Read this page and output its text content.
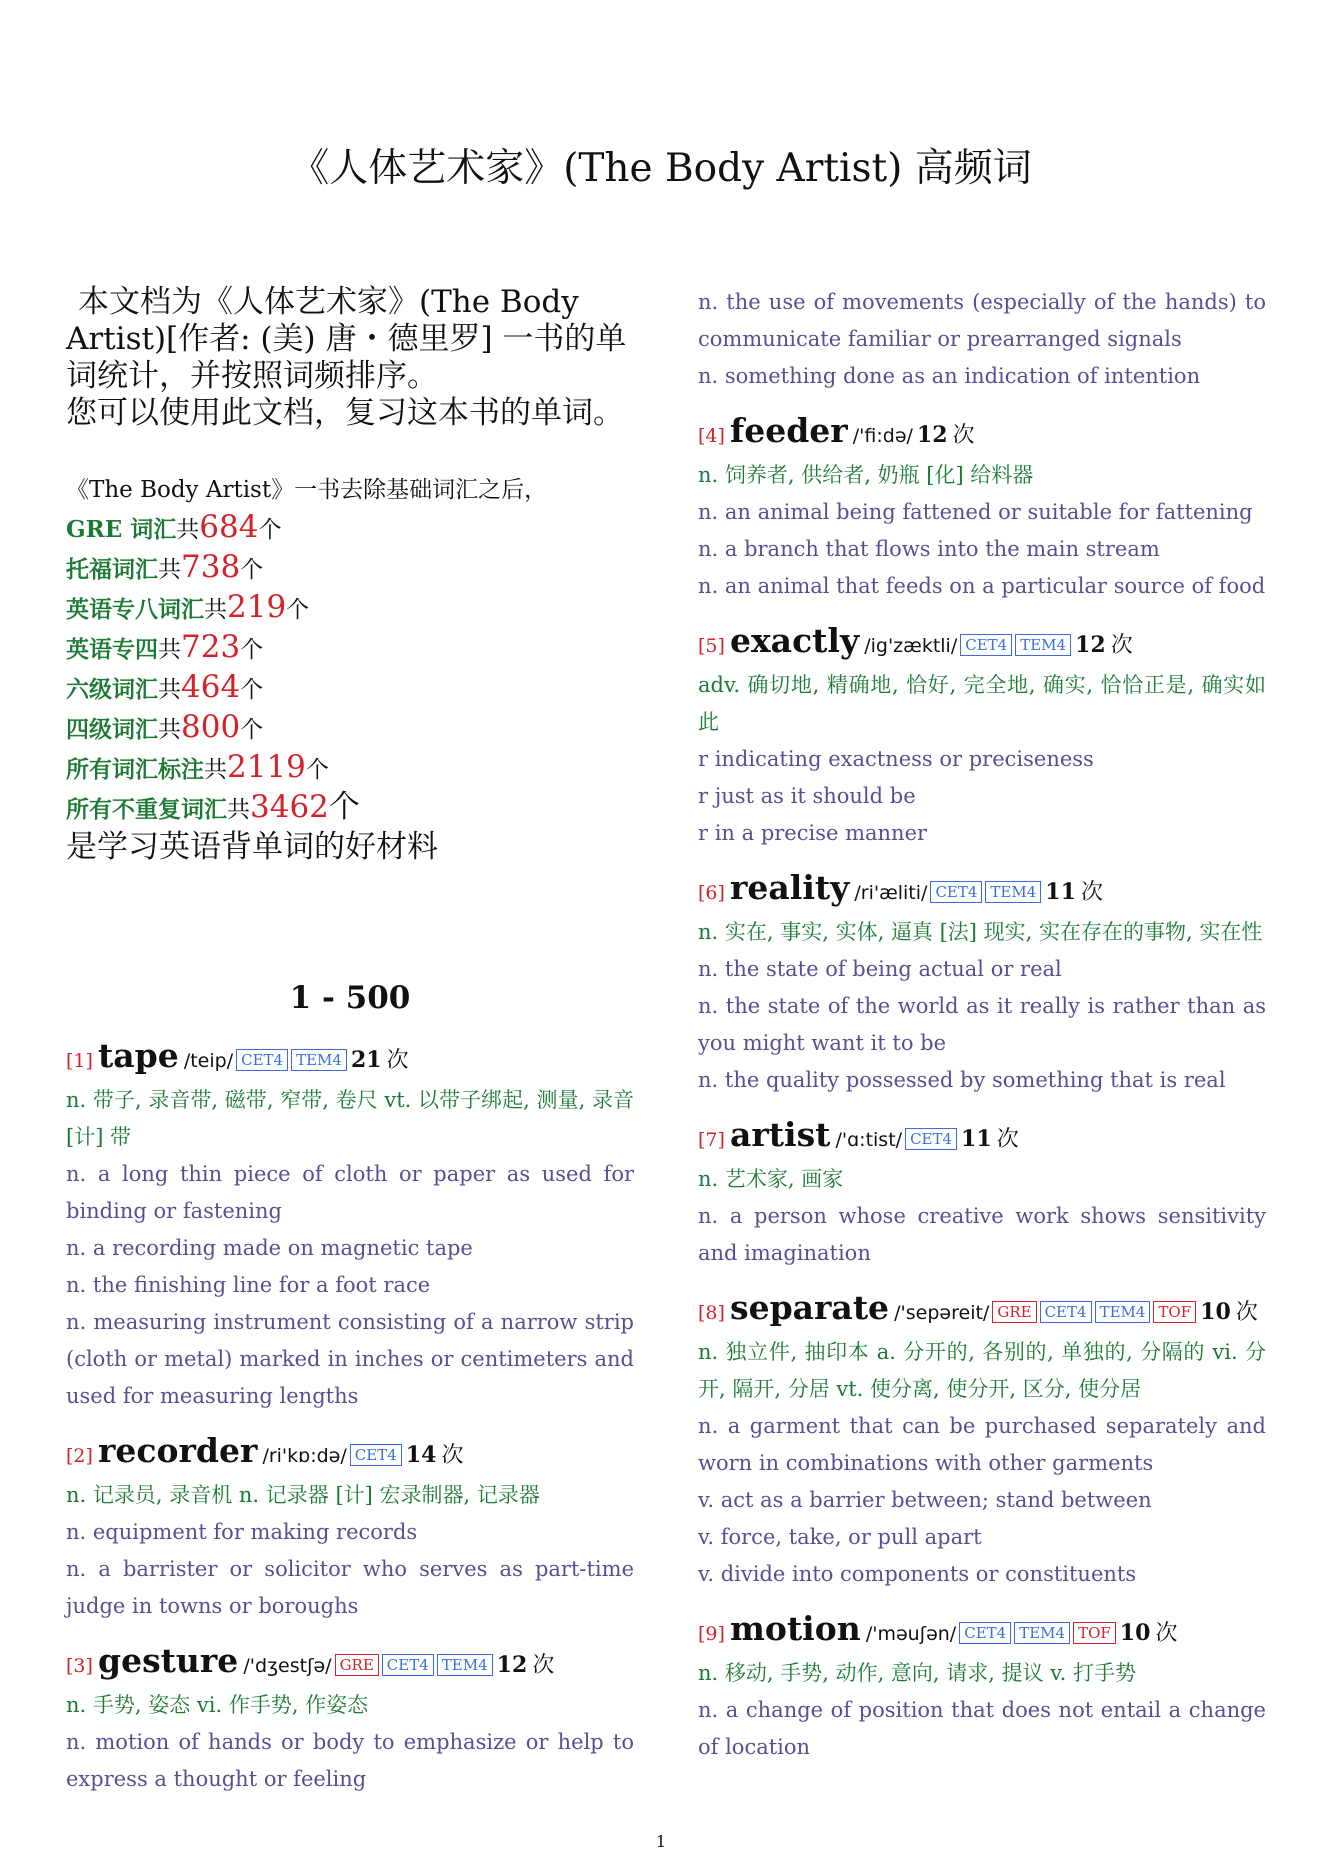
《人体艺术家》(The Body Artist) 高频词

本文档为《人体艺术家》(The Body Artist)[作者: (美) 唐・德里罗] 一书的单词统计，并按照词频排序。

您可以使用此文档，复习这本书的单词。

《The Body Artist》一书去除基础词汇之后，
GRE 词汇共684个
托福词汇共738个
英语专八词汇共219个
英语专四共723个
六级词汇共464个
四级词汇共800个
所有词汇标注共2119个
所有不重复词汇共3462个
是学习英语背单词的好材料
1 - 500
[1] tape /teip/ CET4 TEM4 21 次
n. 带子, 录音带, 磁带, 窄带, 卷尺 vt. 以带子绑起, 测量, 录音 [计] 带
n. a long thin piece of cloth or paper as used for binding or fastening
n. a recording made on magnetic tape
n. the finishing line for a foot race
n. measuring instrument consisting of a narrow strip (cloth or metal) marked in inches or centimeters and used for measuring lengths
[2] recorder /ri'kɒ:də/ CET4 14 次
n. 记录员, 录音机 n. 记录器 [计] 宏录制器, 记录器
n. equipment for making records
n. a barrister or solicitor who serves as part-time judge in towns or boroughs
[3] gesture /'dʒestʃə/ GRE CET4 TEM4 12 次
n. 手势, 姿态 vi. 作手势, 作姿态
n. motion of hands or body to emphasize or help to express a thought or feeling
n. the use of movements (especially of the hands) to communicate familiar or prearranged signals
n. something done as an indication of intention
[4] feeder /'fi:də/ 12 次
n. 饲养者, 供给者, 奶瓶 [化] 给料器
n. an animal being fattened or suitable for fattening
n. a branch that flows into the main stream
n. an animal that feeds on a particular source of food
[5] exactly /ig'zæktli/ CET4 TEM4 12 次
adv. 确切地, 精确地, 恰好, 完全地, 确实, 恰恰正是, 确实如此
r indicating exactness or preciseness
r just as it should be
r in a precise manner
[6] reality /ri'æliti/ CET4 TEM4 11 次
n. 实在, 事实, 实体, 逼真 [法] 现实, 实在存在的事物, 实在性
n. the state of being actual or real
n. the state of the world as it really is rather than as you might want it to be
n. the quality possessed by something that is real
[7] artist /'ɑ:tist/ CET4 11 次
n. 艺术家, 画家
n. a person whose creative work shows sensitivity and imagination
[8] separate /'sepəreit/ GRE CET4 TEM4 TOF 10 次
n. 独立件, 抽印本 a. 分开的, 各别的, 单独的, 分隔的 vi. 分开, 隔开, 分居 vt. 使分离, 使分开, 区分, 使分居
n. a garment that can be purchased separately and worn in combinations with other garments
v. act as a barrier between; stand between
v. force, take, or pull apart
v. divide into components or constituents
[9] motion /'məuʃən/ CET4 TEM4 TOF 10 次
n. 移动, 手势, 动作, 意向, 请求, 提议 v. 打手势
n. a change of position that does not entail a change of location
1
